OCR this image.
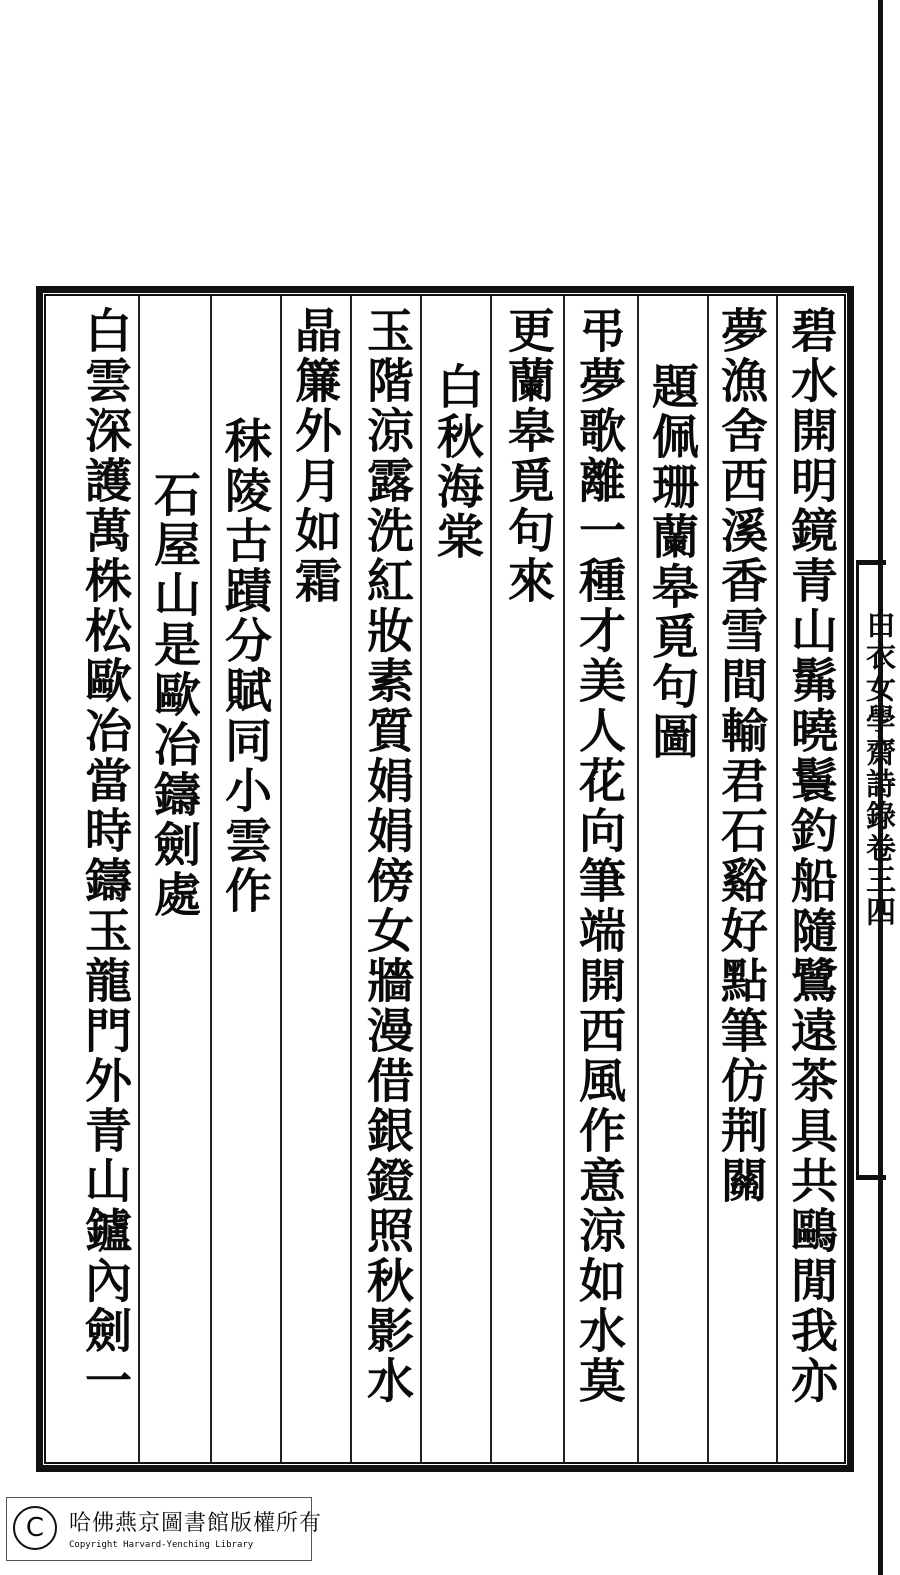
碧水開明鏡青山髴曉鬟釣船隨鷺遠茶具共鷗閒我亦
夢漁舍西溪香雪間輸君石谿好點筆仿荆關
題佩珊蘭皋覓句圖
弔夢歌離一種才美人花向筆端開西風作意涼如水莫
更蘭皋覓句來
白秋海棠
玉階涼露洗紅妝素質娟娟傍女牆漫借銀鐙照秋影水
晶簾外月如霜
秣陵古蹟分賦同小雲作
石屋山是歐冶鑄劍處
白雲深護萬株松歐冶當時鑄玉龍門外青山鑪內劍一	白衣女學齋詩錄卷三四
C	哈佛燕京圖書館版權所有
Copyright Harvard-Yenching Library
